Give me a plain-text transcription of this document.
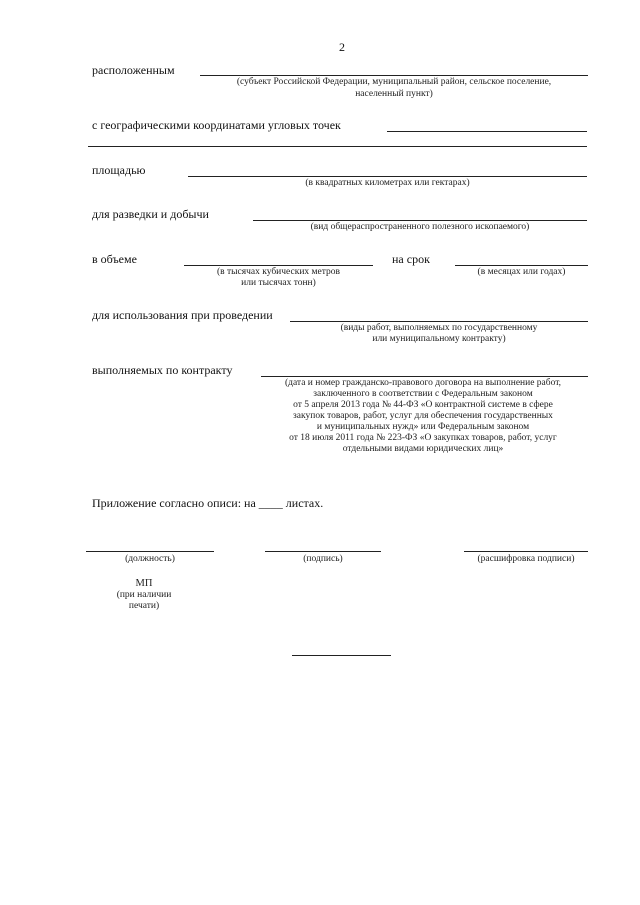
2
расположенным
(субъект Российской Федерации, муниципальный район, сельское поселение,
населенный пункт)
с географическими координатами угловых точек
площадью
(в квадратных километрах или гектарах)
для разведки и добычи
(вид общераспространенного полезного ископаемого)
в объеме
(в тысячах кубических метров
или тысячах тонн)
на срок
(в месяцах или годах)
для использования при проведении
(виды работ, выполняемых по государственному
или муниципальному контракту)
выполняемых по контракту
(дата и номер гражданско-правового договора на выполнение работ,
заключенного в соответствии с Федеральным законом
от 5 апреля 2013 года № 44-ФЗ «О контрактной системе в сфере
закупок товаров, работ, услуг для обеспечения государственных
и муниципальных нужд» или Федеральным законом
от 18 июля 2011 года № 223-ФЗ «О закупках товаров, работ, услуг
отдельными видами юридических лиц»
Приложение согласно описи: на ____ листах.
(должность)	(подпись)	(расшифровка подписи)
МП
(при наличии
печати)
